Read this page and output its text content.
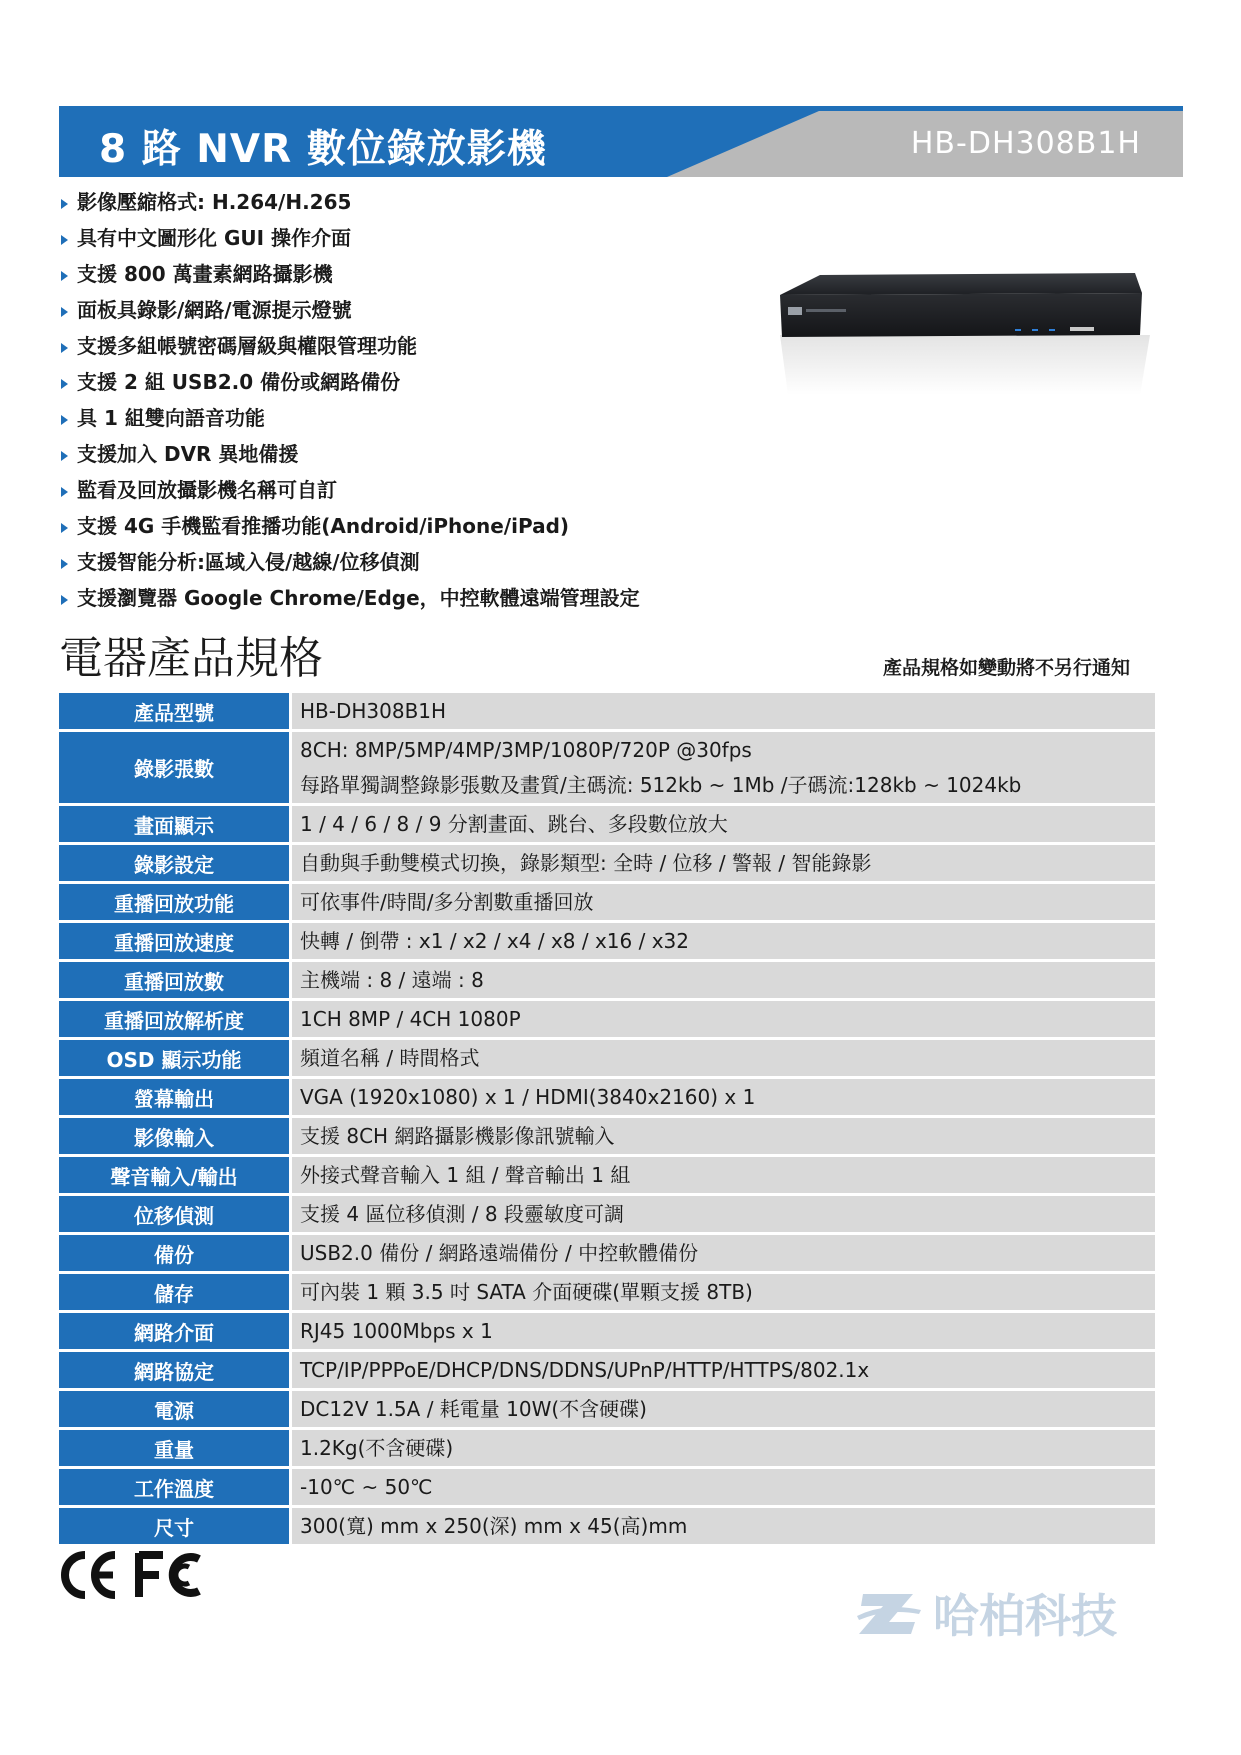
8 路 NVR 數位錄放影機	HB-DH308B1H
影像壓縮格式: H.264/H.265
具有中文圖形化 GUI 操作介面
支援 800 萬畫素網路攝影機
面板具錄影/網路/電源提示燈號
支援多組帳號密碼層級與權限管理功能
支援 2 組 USB2.0 備份或網路備份
具 1 組雙向語音功能
支援加入 DVR 異地備援
監看及回放攝影機名稱可自訂
支援 4G 手機監看推播功能(Android/iPhone/iPad)
支援智能分析:區域入侵/越線/位移偵測
支援瀏覽器 Google Chrome/Edge，中控軟體遠端管理設定
電器產品規格	產品規格如變動將不另行通知
產品型號	HB-DH308B1H

錄影張數	8CH: 8MP/5MP/4MP/3MP/1080P/720P @30fps
每路單獨調整錄影張數及畫質/主碼流: 512kb ~ 1Mb /子碼流:128kb ~ 1024kb

畫面顯示	1 / 4 / 6 / 8 / 9 分割畫面、跳台、多段數位放大

錄影設定	自動與手動雙模式切換，錄影類型: 全時 / 位移 / 警報 / 智能錄影

重播回放功能	可依事件/時間/多分割數重播回放

重播回放速度	快轉 / 倒帶 : x1 / x2 / x4 / x8 / x16 / x32

重播回放數	主機端 : 8 / 遠端 : 8

重播回放解析度	1CH 8MP / 4CH 1080P

OSD 顯示功能	頻道名稱 / 時間格式

螢幕輸出	VGA (1920x1080) x 1 / HDMI(3840x2160) x 1

影像輸入	支援 8CH 網路攝影機影像訊號輸入

聲音輸入/輸出	外接式聲音輸入 1 組 / 聲音輸出 1 組

位移偵測	支援 4 區位移偵測 / 8 段靈敏度可調

備份	USB2.0 備份 / 網路遠端備份 / 中控軟體備份

儲存	可內裝 1 顆 3.5 吋 SATA 介面硬碟(單顆支援 8TB)

網路介面	RJ45 1000Mbps x 1

網路協定	TCP/IP/PPPoE/DHCP/DNS/DDNS/UPnP/HTTP/HTTPS/802.1x

電源	DC12V 1.5A / 耗電量 10W(不含硬碟)

重量	1.2Kg(不含硬碟)

工作溫度	-10℃ ~ 50℃

尺寸	300(寬) mm x 250(深) mm x 45(高)mm
哈柏科技
